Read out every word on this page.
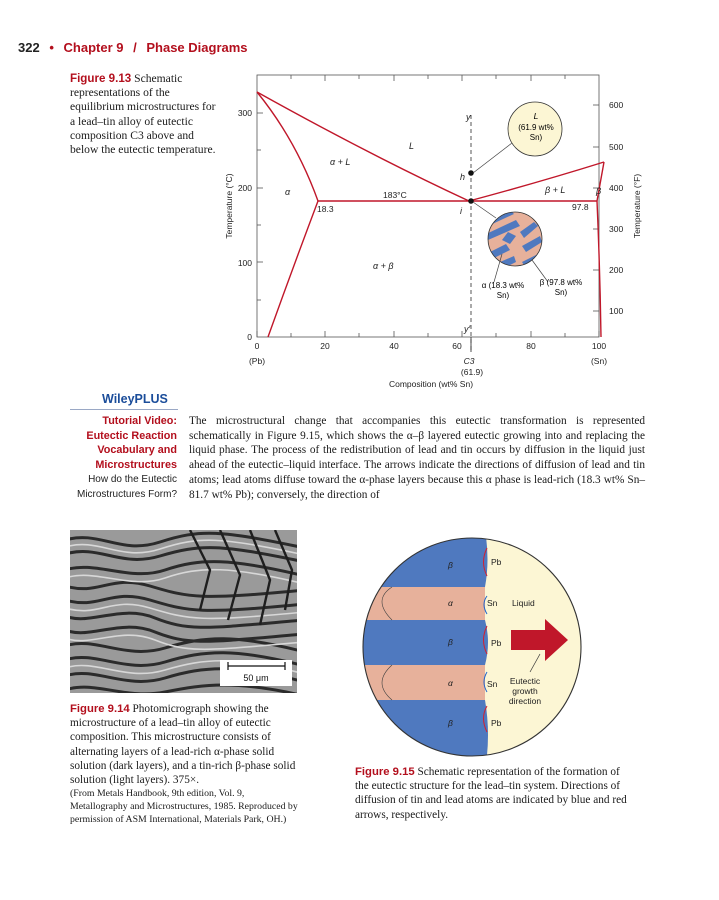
322 • Chapter 9 / Phase Diagrams
Figure 9.13 Schematic representations of the equilibrium microstructures for a lead–tin alloy of eutectic composition C3 above and below the eutectic temperature.
0	20	40	60	80	100
(Pb)	(Sn)
0
100
200
300
100
200
300
400
500
600
Composition (wt% Sn)
Temperature (°C)	Temperature (°F)
L
α + L
α	β + L	β
α + β
y
h
i
y′
183°C
18.3	97.8
C3
(61.9)
L
(61.9 wt%
Sn)
α (18.3 wt%
Sn)
β (97.8 wt%
Sn)
WileyPLUS
Tutorial Video:
Eutectic Reaction
Vocabulary and
Microstructures
How do the Eutectic
Microstructures Form?
The microstructural change that accompanies this eutectic transformation is represented schematically in Figure 9.15, which shows the α–β layered eutectic growing into and replacing the liquid phase. The process of the redistribution of lead and tin occurs by diffusion in the liquid just ahead of the eutectic–liquid interface. The arrows indicate the directions of diffusion of lead and tin atoms; lead atoms diffuse toward the α-phase layers because this α phase is lead-rich (18.3 wt% Sn–81.7 wt% Pb); conversely, the direction of
50 μm
Figure 9.14 Photomicrograph showing the microstructure of a lead–tin alloy of eutectic composition. This microstructure consists of alternating layers of a lead-rich α-phase solid solution (dark layers), and a tin-rich β-phase solid solution (light layers). 375×.
(From Metals Handbook, 9th edition, Vol. 9, Metallography and Microstructures, 1985. Reproduced by permission of ASM International, Materials Park, OH.)
β
α
β
α
β
Pb
Sn
Pb
Sn
Pb
Liquid
Eutectic
growth
direction
Figure 9.15 Schematic representation of the formation of the eutectic structure for the lead–tin system. Directions of diffusion of tin and lead atoms are indicated by blue and red arrows, respectively.
